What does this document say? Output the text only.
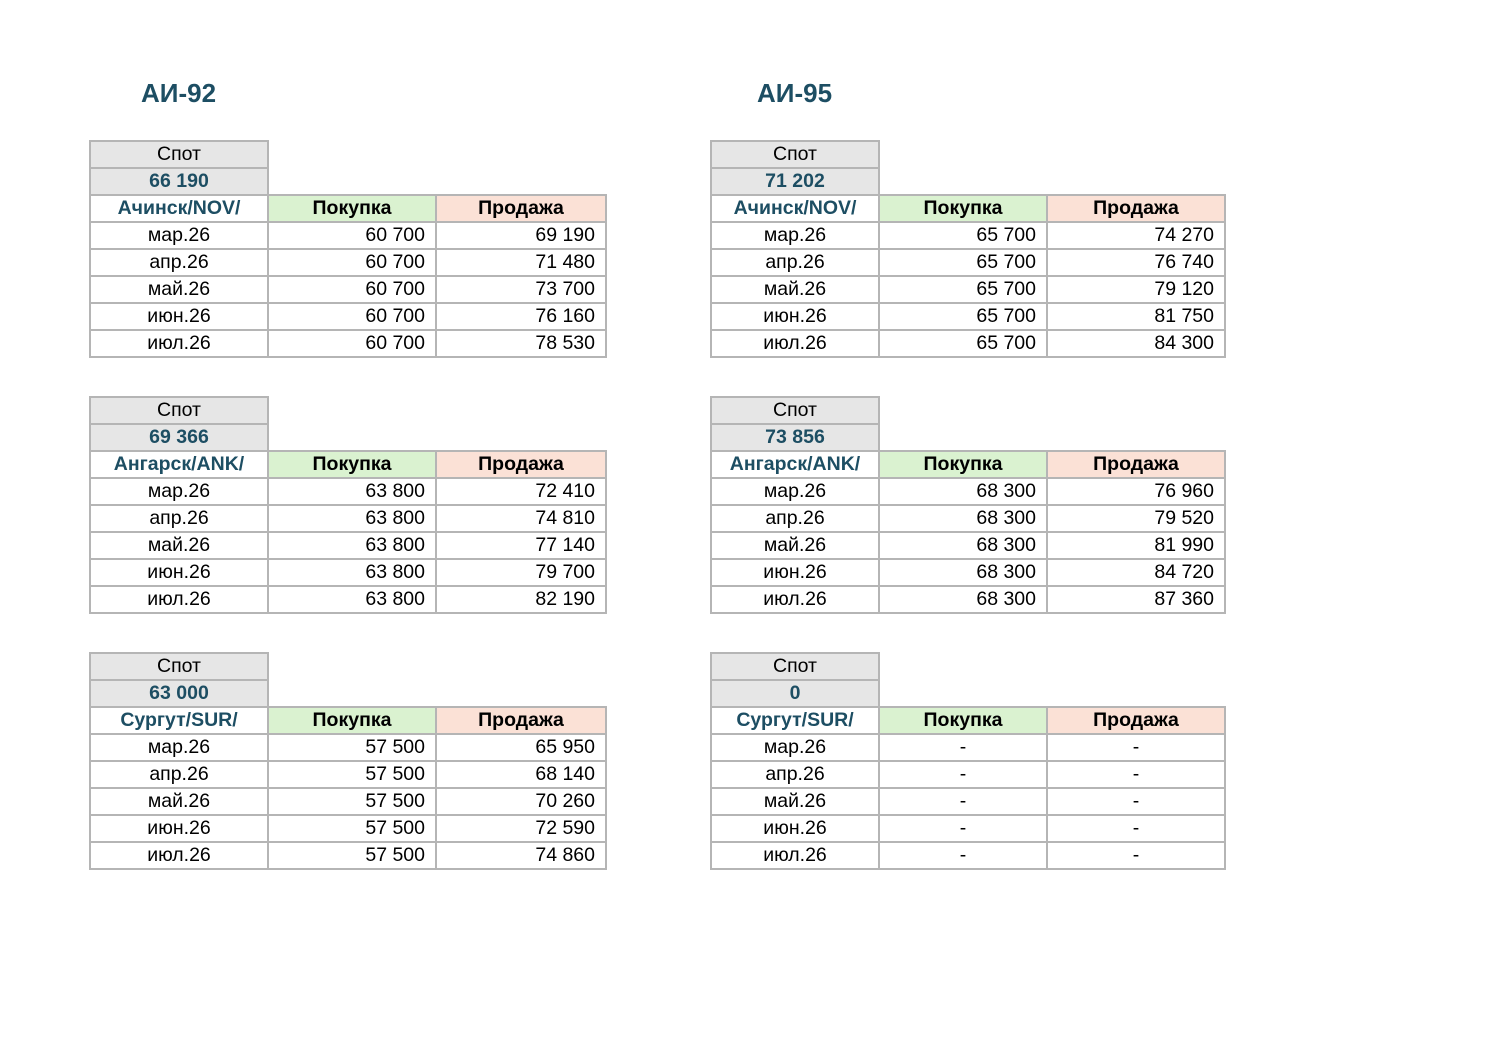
АИ-92
Спот		
66 190		
Ачинск/NOV/	Покупка	Продажа
мар.26	60 700	69 190
апр.26	60 700	71 480
май.26	60 700	73 700
июн.26	60 700	76 160
июл.26	60 700	78 530
Спот		
69 366		
Ангарск/ANK/	Покупка	Продажа
мар.26	63 800	72 410
апр.26	63 800	74 810
май.26	63 800	77 140
июн.26	63 800	79 700
июл.26	63 800	82 190
Спот		
63 000		
Сургут/SUR/	Покупка	Продажа
мар.26	57 500	65 950
апр.26	57 500	68 140
май.26	57 500	70 260
июн.26	57 500	72 590
июл.26	57 500	74 860
АИ-95
Спот		
71 202		
Ачинск/NOV/	Покупка	Продажа
мар.26	65 700	74 270
апр.26	65 700	76 740
май.26	65 700	79 120
июн.26	65 700	81 750
июл.26	65 700	84 300
Спот		
73 856		
Ангарск/ANK/	Покупка	Продажа
мар.26	68 300	76 960
апр.26	68 300	79 520
май.26	68 300	81 990
июн.26	68 300	84 720
июл.26	68 300	87 360
Спот		
0		
Сургут/SUR/	Покупка	Продажа
мар.26	-	-
апр.26	-	-
май.26	-	-
июн.26	-	-
июл.26	-	-
